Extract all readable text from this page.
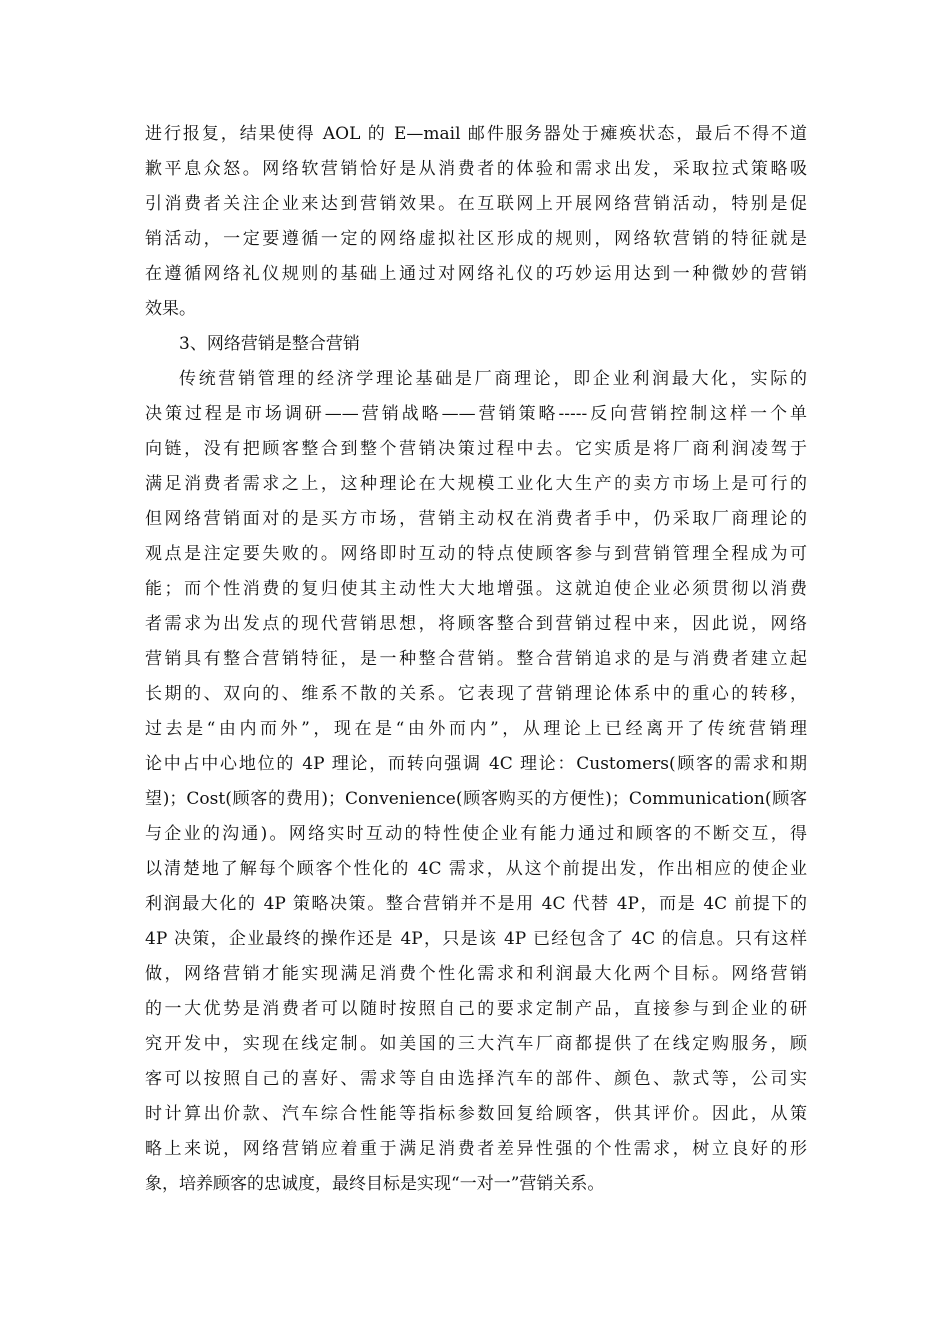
进行报复，结果使得 AOL 的 E—mail 邮件服务器处于瘫痪状态，最后不得不道
歉平息众怒。网络软营销恰好是从消费者的体验和需求出发，采取拉式策略吸
引消费者关注企业来达到营销效果。在互联网上开展网络营销活动，特别是促
销活动，一定要遵循一定的网络虚拟社区形成的规则，网络软营销的特征就是
在遵循网络礼仪规则的基础上通过对网络礼仪的巧妙运用达到一种微妙的营销
效果。
3、网络营销是整合营销
传统营销管理的经济学理论基础是厂商理论，即企业利润最大化，实际的
决策过程是市场调研——营销战略——营销策略-----反向营销控制这样一个单
向链，没有把顾客整合到整个营销决策过程中去。它实质是将厂商利润凌驾于
满足消费者需求之上，这种理论在大规模工业化大生产的卖方市场上是可行的
但网络营销面对的是买方市场，营销主动权在消费者手中，仍采取厂商理论的
观点是注定要失败的。网络即时互动的特点使顾客参与到营销管理全程成为可
能；而个性消费的复归使其主动性大大地增强。这就迫使企业必须贯彻以消费
者需求为出发点的现代营销思想，将顾客整合到营销过程中来，因此说，网络
营销具有整合营销特征，是一种整合营销。整合营销追求的是与消费者建立起
长期的、双向的、维系不散的关系。它表现了营销理论体系中的重心的转移，
过去是“由内而外”，现在是“由外而内”，从理论上已经离开了传统营销理
论中占中心地位的 4P 理论，而转向强调 4C 理论：Customers(顾客的需求和期
望)；Cost(顾客的费用)；Convenience(顾客购买的方便性)；Communication(顾客
与企业的沟通)。网络实时互动的特性使企业有能力通过和顾客的不断交互，得
以清楚地了解每个顾客个性化的 4C 需求，从这个前提出发，作出相应的使企业
利润最大化的 4P 策略决策。整合营销并不是用 4C 代替 4P，而是 4C 前提下的
4P 决策，企业最终的操作还是 4P，只是该 4P 已经包含了 4C 的信息。只有这样
做，网络营销才能实现满足消费个性化需求和利润最大化两个目标。网络营销
的一大优势是消费者可以随时按照自己的要求定制产品，直接参与到企业的研
究开发中，实现在线定制。如美国的三大汽车厂商都提供了在线定购服务，顾
客可以按照自己的喜好、需求等自由选择汽车的部件、颜色、款式等，公司实
时计算出价款、汽车综合性能等指标参数回复给顾客，供其评价。因此，从策
略上来说，网络营销应着重于满足消费者差异性强的个性需求，树立良好的形
象，培养顾客的忠诚度，最终目标是实现“一对一”营销关系。
